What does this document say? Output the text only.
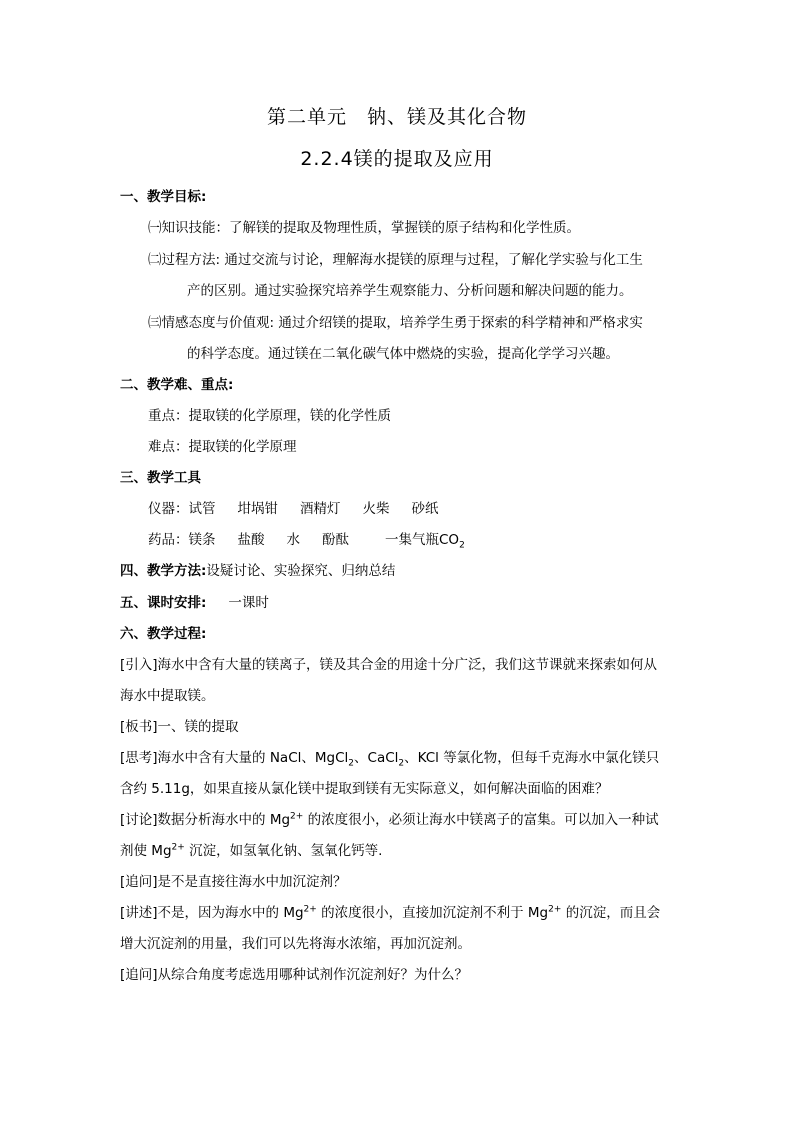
第二单元　钠、镁及其化合物
2.2.4镁的提取及应用
一、教学目标:
㈠知识技能：了解镁的提取及物理性质，掌握镁的原子结构和化学性质。
㈡过程方法: 通过交流与讨论，理解海水提镁的原理与过程，了解化学实验与化工生
产的区别。通过实验探究培养学生观察能力、分析问题和解决问题的能力。
㈢情感态度与价值观: 通过介绍镁的提取，培养学生勇于探索的科学精神和严格求实
的科学态度。通过镁在二氧化碳气体中燃烧的实验，提高化学学习兴趣。
二、教学难、重点:
重点：提取镁的化学原理，镁的化学性质
难点：提取镁的化学原理
三、教学工具
仪器：试管 坩埚钳 酒精灯 火柴 砂纸
药品：镁条 盐酸 水 酚酞	一集气瓶$CO_2$
四、教学方法:设疑讨论、实验探究、归纳总结
五、课时安排: 一课时
六、教学过程:
[引入]海水中含有大量的镁离子，镁及其合金的用途十分广泛，我们这节课就来探索如何从
海水中提取镁。
[板书]一、镁的提取
[思考]海水中含有大量的 NaCl、MgCl$_2$、CaCl$_2$、KCl 等氯化物，但每千克海水中氯化镁只
含约 5.11g，如果直接从氯化镁中提取到镁有无实际意义，如何解决面临的困难？
[讨论]数据分析海水中的 $Mg^{2+}$ 的浓度很小，必须让海水中镁离子的富集。可以加入一种试
剂使 $Mg^{2+}$ 沉淀，如氢氧化钠、氢氧化钙等.
[追问]是不是直接往海水中加沉淀剂？
[讲述]不是，因为海水中的 $Mg^{2+}$ 的浓度很小，直接加沉淀剂不利于 $Mg^{2+}$ 的沉淀，而且会
增大沉淀剂的用量，我们可以先将海水浓缩，再加沉淀剂。
[追问]从综合角度考虑选用哪种试剂作沉淀剂好？为什么？
